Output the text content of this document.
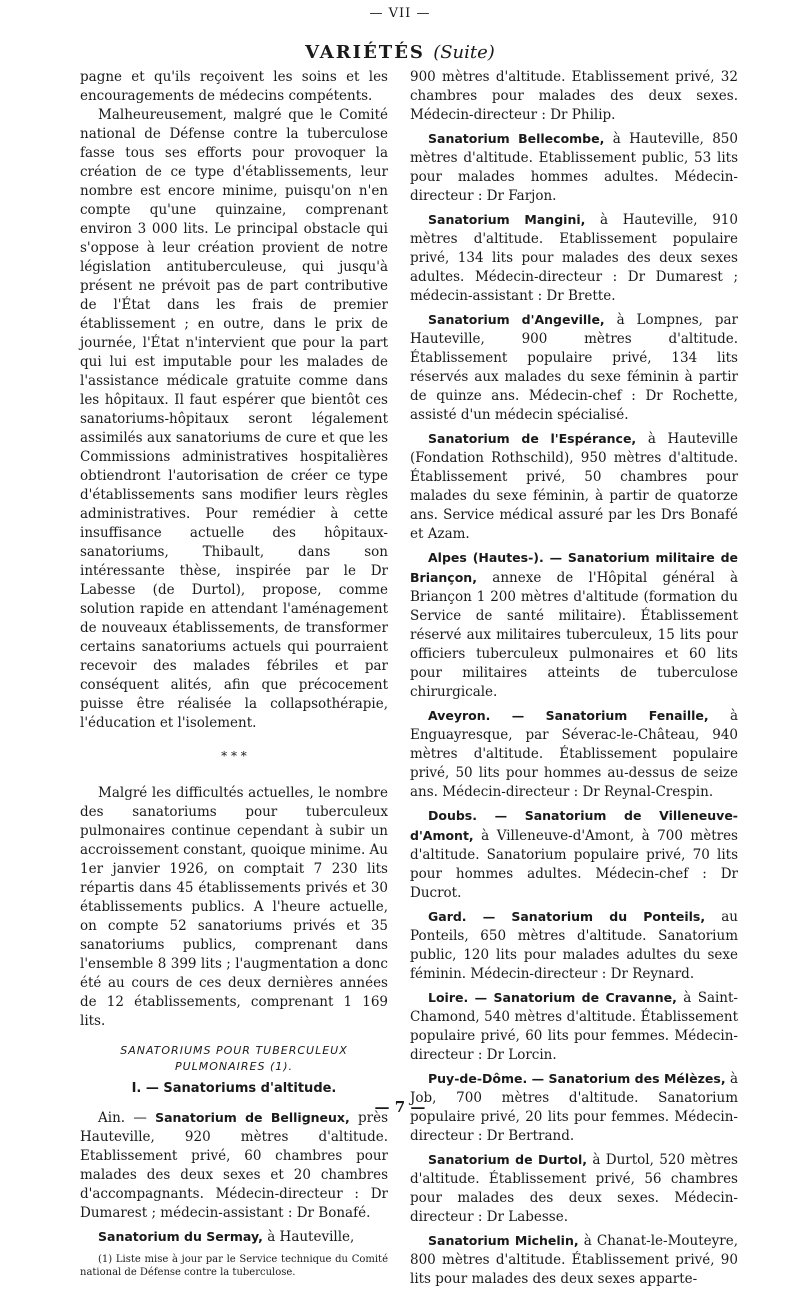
— VII —
VARIÉTÉS (Suite)

pagne et qu'ils reçoivent les soins et les encouragements de médecins compétents.

Malheureusement, malgré que le Comité national de Défense contre la tuberculose fasse tous ses efforts pour provoquer la création de ce type d'établissements, leur nombre est encore minime, puisqu'on n'en compte qu'une quinzaine, comprenant environ 3 000 lits. Le principal obstacle qui s'oppose à leur création provient de notre législation antituberculeuse, qui jusqu'à présent ne prévoit pas de part contributive de l'État dans les frais de premier établissement ; en outre, dans le prix de journée, l'État n'intervient que pour la part qui lui est imputable pour les malades de l'assistance médicale gratuite comme dans les hôpitaux. Il faut espérer que bientôt ces sanatoriums-hôpitaux seront légalement assimilés aux sanatoriums de cure et que les Commissions administratives hospitalières obtiendront l'autorisation de créer ce type d'établissements sans modifier leurs règles administratives. Pour remédier à cette insuffisance actuelle des hôpitaux-sanatoriums, Thibault, dans son intéressante thèse, inspirée par le Dr Labesse (de Durtol), propose, comme solution rapide en attendant l'aménagement de nouveaux établissements, de transformer certains sanatoriums actuels qui pourraient recevoir des malades fébriles et par conséquent alités, afin que précocement puisse être réalisée la collapsothérapie, l'éducation et l'isolement.

* * *

Malgré les difficultés actuelles, le nombre des sanatoriums pour tuberculeux pulmonaires continue cependant à subir un accroissement constant, quoique minime. Au 1er janvier 1926, on comptait 7 230 lits répartis dans 45 établissements privés et 30 établissements publics. A l'heure actuelle, on compte 52 sanatoriums privés et 35 sanatoriums publics, comprenant dans l'ensemble 8 399 lits ; l'augmentation a donc été au cours de ces deux dernières années de 12 établissements, comprenant 1 169 lits.

SANATORIUMS POUR TUBERCULEUX
PULMONAIRES (1).

I. — Sanatoriums d'altitude.

Ain. — Sanatorium de Belligneux, près Hauteville, 920 mètres d'altitude. Etablissement privé, 60 chambres pour malades des deux sexes et 20 chambres d'accompagnants. Médecin-directeur : Dr Dumarest ; médecin-assistant : Dr Bonafé.

Sanatorium du Sermay, à Hauteville,

(1) Liste mise à jour par le Service technique du Comité national de Défense contre la tuberculose.

900 mètres d'altitude. Etablissement privé, 32 chambres pour malades des deux sexes. Médecin-directeur : Dr Philip.

Sanatorium Bellecombe, à Hauteville, 850 mètres d'altitude. Etablissement public, 53 lits pour malades hommes adultes. Médecin-directeur : Dr Farjon.

Sanatorium Mangini, à Hauteville, 910 mètres d'altitude. Etablissement populaire privé, 134 lits pour malades des deux sexes adultes. Médecin-directeur : Dr Dumarest ; médecin-assistant : Dr Brette.

Sanatorium d'Angeville, à Lompnes, par Hauteville, 900 mètres d'altitude. Établissement populaire privé, 134 lits réservés aux malades du sexe féminin à partir de quinze ans. Médecin-chef : Dr Rochette, assisté d'un médecin spécialisé.

Sanatorium de l'Espérance, à Hauteville (Fondation Rothschild), 950 mètres d'altitude. Établissement privé, 50 chambres pour malades du sexe féminin, à partir de quatorze ans. Service médical assuré par les Drs Bonafé et Azam.

Alpes (Hautes-). — Sanatorium militaire de Briançon, annexe de l'Hôpital général à Briançon 1 200 mètres d'altitude (formation du Service de santé militaire). Établissement réservé aux militaires tuberculeux, 15 lits pour officiers tuberculeux pulmonaires et 60 lits pour militaires atteints de tuberculose chirurgicale.

Aveyron. — Sanatorium Fenaille, à Enguayresque, par Séverac-le-Château, 940 mètres d'altitude. Établissement populaire privé, 50 lits pour hommes au-dessus de seize ans. Médecin-directeur : Dr Reynal-Crespin.

Doubs. — Sanatorium de Villeneuve-d'Amont, à Villeneuve-d'Amont, à 700 mètres d'altitude. Sanatorium populaire privé, 70 lits pour hommes adultes. Médecin-chef : Dr Ducrot.

Gard. — Sanatorium du Ponteils, au Ponteils, 650 mètres d'altitude. Sanatorium public, 120 lits pour malades adultes du sexe féminin. Médecin-directeur : Dr Reynard.

Loire. — Sanatorium de Cravanne, à Saint-Chamond, 540 mètres d'altitude. Établissement populaire privé, 60 lits pour femmes. Médecin-directeur : Dr Lorcin.

Puy-de-Dôme. — Sanatorium des Mélèzes, à Job, 700 mètres d'altitude. Sanatorium populaire privé, 20 lits pour femmes. Médecin-directeur : Dr Bertrand.

Sanatorium de Durtol, à Durtol, 520 mètres d'altitude. Établissement privé, 56 chambres pour malades des deux sexes. Médecin-directeur : Dr Labesse.

Sanatorium Michelin, à Chanat-le-Mouteyre, 800 mètres d'altitude. Établissement privé, 90 lits pour malades des deux sexes apparte-

— 7 —
